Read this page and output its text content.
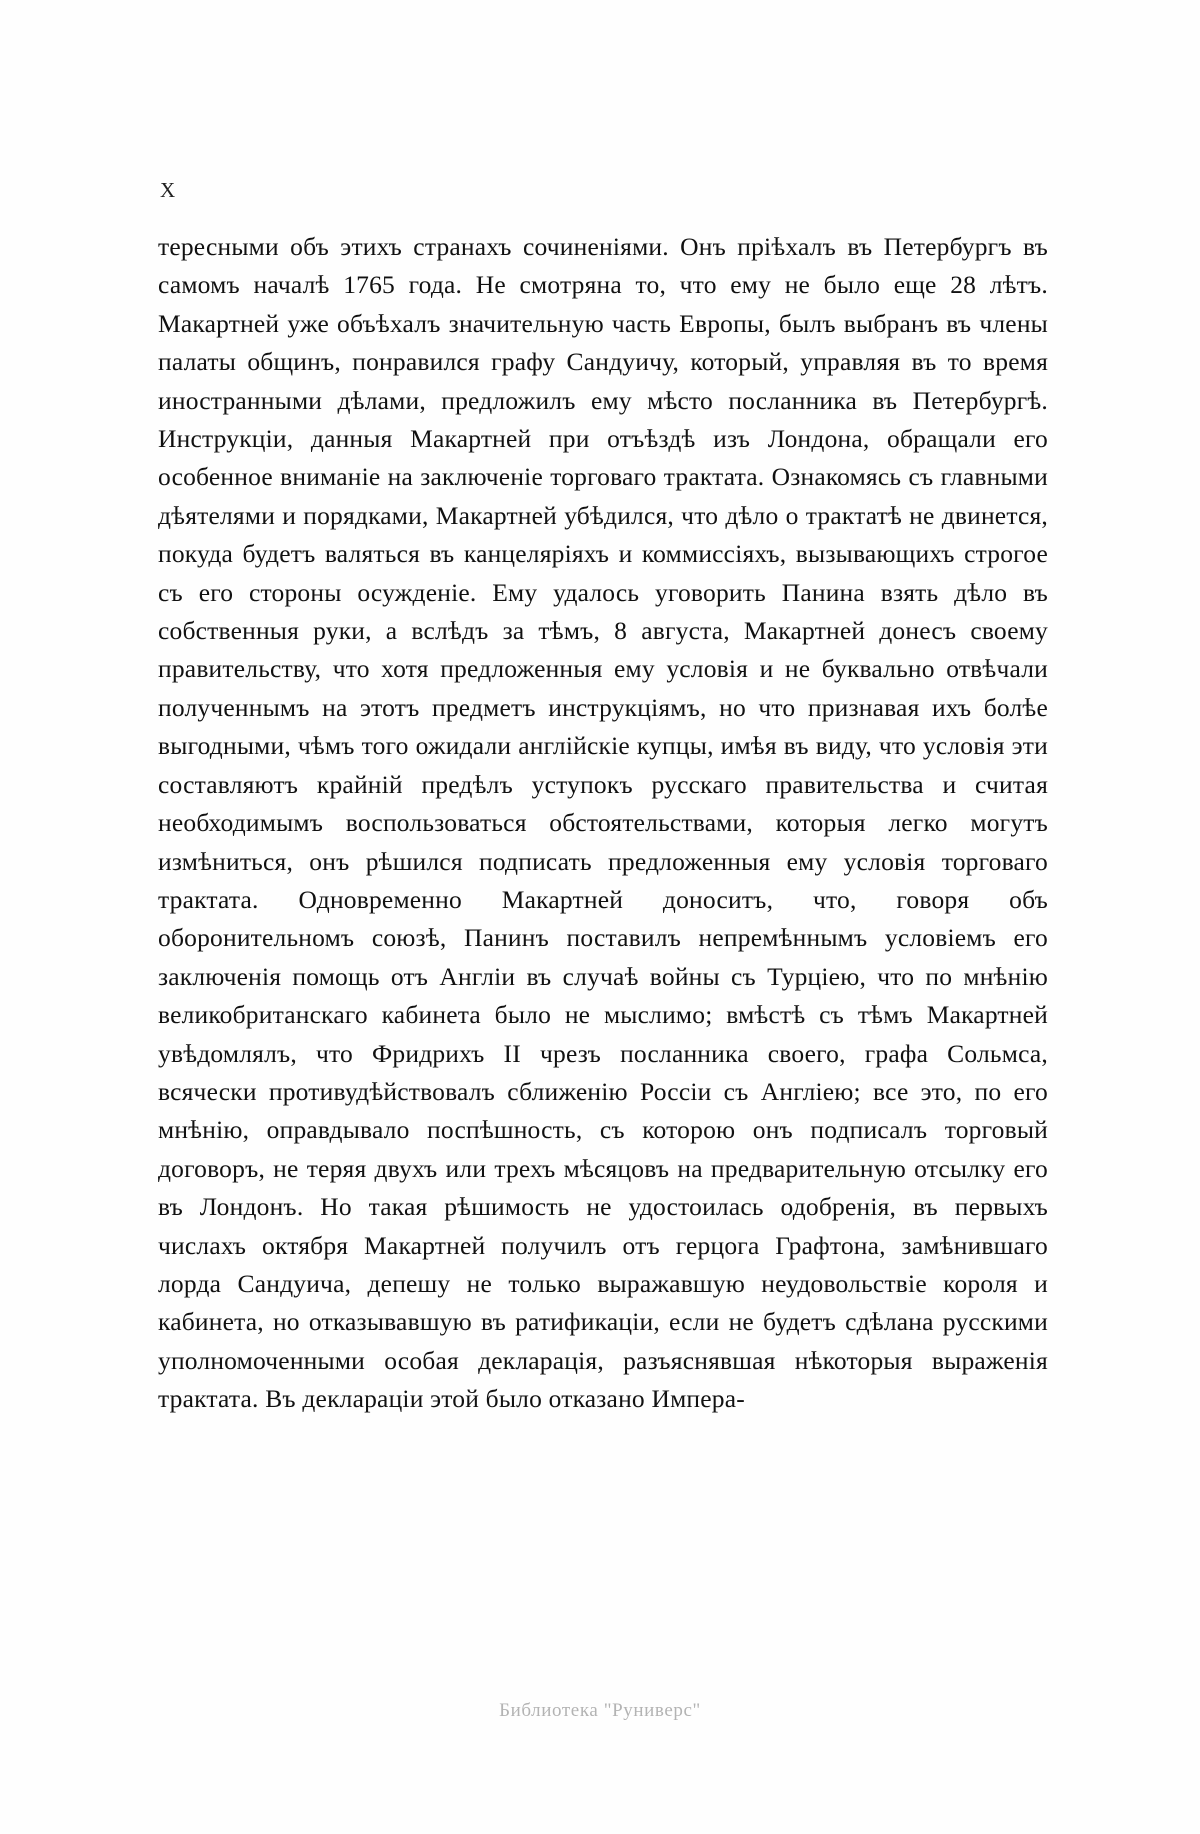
X

тересными объ этихъ странахъ сочиненіями. Онъ пріѣхалъ въ Петербургъ въ самомъ началѣ 1765 года. Не смотряна то, что ему не было еще 28 лѣтъ. Макартней уже объѣхалъ значительную часть Европы, былъ выбранъ въ члены палаты общинъ, понравился графу Сандуичу, который, управляя въ то время иностранными дѣлами, предложилъ ему мѣсто посланника въ Петербургѣ. Инструкціи, данныя Макартней при отъѣздѣ изъ Лондона, обращали его особенное вниманіе на заключеніе торговаго трактата. Ознакомясь съ главными дѣятелями и порядками, Макартней убѣдился, что дѣло о трактатѣ не двинется, покуда будетъ валяться въ канцеляріяхъ и коммиссіяхъ, вызывающихъ строгое съ его стороны осужденіе. Ему удалось уговорить Панина взять дѣло въ собственныя руки, а вслѣдъ за тѣмъ, 8 августа, Макартней донесъ своему правительству, что хотя предложенныя ему условія и не буквально отвѣчали полученнымъ на этотъ предметъ инструкціямъ, но что признавая ихъ болѣе выгодными, чѣмъ того ожидали англійскіе купцы, имѣя въ виду, что условія эти составляютъ крайній предѣлъ уступокъ русскаго правительства и считая необходимымъ воспользоваться обстоятельствами, которыя легко могутъ измѣниться, онъ рѣшился подписать предложенныя ему условія торговаго трактата. Одновременно Макартней доноситъ, что, говоря объ оборонительномъ союзѣ, Панинъ поставилъ непремѣннымъ условіемъ его заключенія помощь отъ Англіи въ случаѣ войны съ Турціею, что по мнѣнію великобританскаго кабинета было не мыслимо; вмѣстѣ съ тѣмъ Макартней увѣдомлялъ, что Фридрихъ II чрезъ посланника своего, графа Сольмса, всячески противудѣйствовалъ сближенію Россіи съ Англіею; все это, по его мнѣнію, оправдывало поспѣшность, съ которою онъ подписалъ торговый договоръ, не теряя двухъ или трехъ мѣсяцовъ на предварительную отсылку его въ Лондонъ. Но такая рѣшимость не удостоилась одобренія, въ первыхъ числахъ октября Макартней получилъ отъ герцога Графтона, замѣнившаго лорда Сандуича, депешу не только выражавшую неудовольствіе короля и кабинета, но отказывавшую въ ратификаціи, если не будетъ сдѣлана русскими уполномоченными особая декларація, разъяснявшая нѣкоторыя выраженія трактата. Въ деклараціи этой было отказано Импера-

Библиотека "Руниверс"
